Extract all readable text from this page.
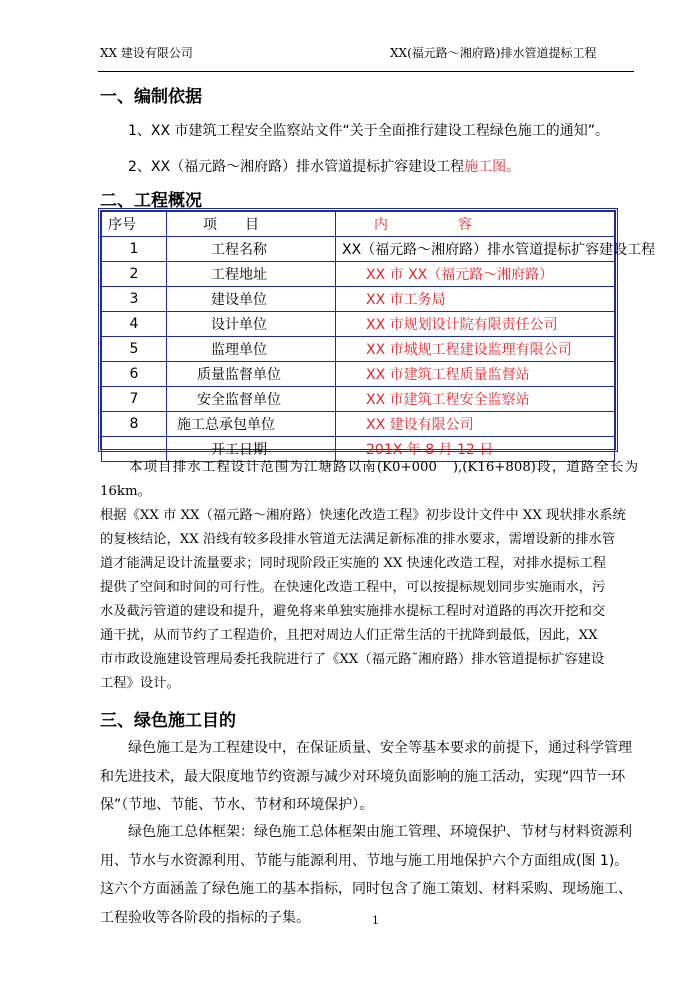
XX 建设有限公司	XX(福元路～湘府路)排水管道提标工程
一、编制依据
1、XX 市建筑工程安全监察站文件“关于全面推行建设工程绿色施工的通知”。
2、XX（福元路～湘府路）排水管道提标扩容建设工程施工图。
二、工程概况
序号	项　　目	内　　　　　容
1	工程名称	XX（福元路～湘府路）排水管道提标扩容建设工程
2	工程地址	XX 市 XX（福元路～湘府路）
3	建设单位	XX 市工务局
4	设计单位	XX 市规划设计院有限责任公司
5	监理单位	XX 市城规工程建设监理有限公司
6	质量监督单位	XX 市建筑工程质量监督站
7	安全监督单位	XX 市建筑工程安全监察站
8	施工总承包单位	XX 建设有限公司
	开工日期	201X 年 8 月 12 日
　　本项目排水工程设计范围为江塘路以南(K0+000　),(K16+808)段，道路全长为 16km。
根据《XX 市 XX（福元路～湘府路）快速化改造工程》初步设计文件中 XX 现状排水系统
的复核结论，XX 沿线有较多段排水管道无法满足新标准的排水要求，需增设新的排水管
道才能满足设计流量要求；同时现阶段正实施的 XX 快速化改造工程，对排水提标工程
提供了空间和时间的可行性。在快速化改造工程中，可以按提标规划同步实施雨水，污
水及截污管道的建设和提升，避免将来单独实施排水提标工程时对道路的再次开挖和交
通干扰，从而节约了工程造价，且把对周边人们正常生活的干扰降到最低，因此，XX
市市政设施建设管理局委托我院进行了《XX（福元路˜湘府路）排水管道提标扩容建设
工程》设计。
三、绿色施工目的
　　绿色施工是为工程建设中，在保证质量、安全等基本要求的前提下，通过科学管理
和先进技术，最大限度地节约资源与减少对环境负面影响的施工活动，实现“四节一环
保”（节地、节能、节水、节材和环境保护）。
　　绿色施工总体框架：绿色施工总体框架由施工管理、环境保护、节材与材料资源利
用、节水与水资源利用、节能与能源利用、节地与施工用地保护六个方面组成(图 1)。
这六个方面涵盖了绿色施工的基本指标，同时包含了施工策划、材料采购、现场施工、
工程验收等各阶段的指标的子集。	1
